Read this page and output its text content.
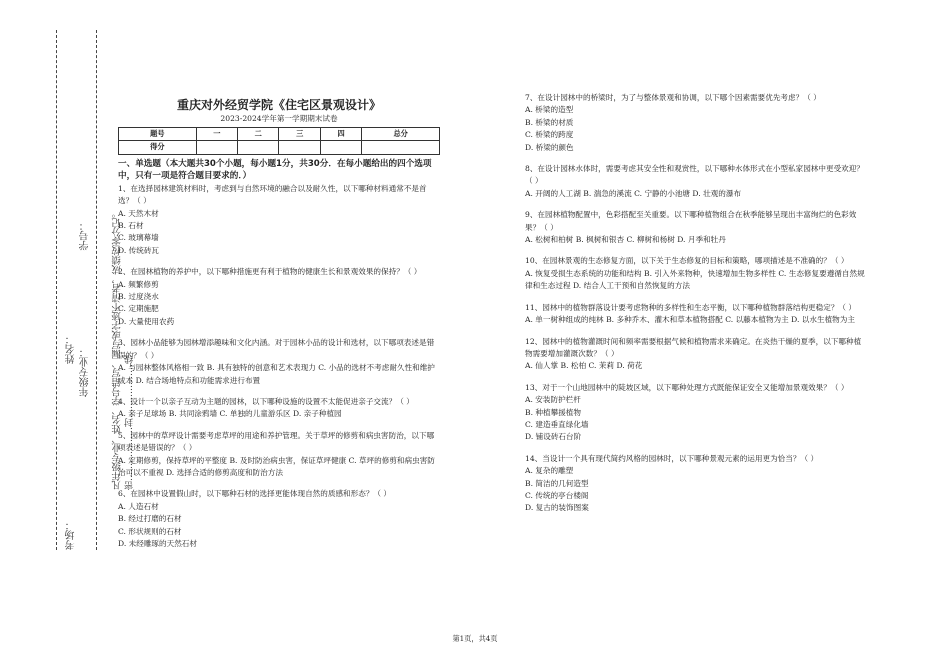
考场：  姓名： 年级专业：  学号： 凡年级专业、姓名、学号错写、漏写或字迹不清者，成绩按零分记。 密………………封………………线
重庆对外经贸学院《住宅区景观设计》
2023-2024学年第一学期期末试卷
题号	一	二	三	四	总分
得分					
一、单选题（本大题共30个小题，每小题1分，共30分．在每小题给出的四个选项中，只有一项是符合题目要求的．）

1、在选择园林建筑材料时，考虑到与自然环境的融合以及耐久性，以下哪种材料通常不是首选？（ ）

A. 天然木材

B. 石材

C. 玻璃幕墙

D. 传统砖瓦

2、在园林植物的养护中，以下哪种措施更有利于植物的健康生长和景观效果的保持？（ ）

A. 频繁修剪

B. 过度浇水

C. 定期施肥

D. 大量使用农药

3、园林小品能够为园林增添趣味和文化内涵。对于园林小品的设计和选材，以下哪项表述是错误的？（ ）

A. 与园林整体风格相一致 B. 具有独特的创意和艺术表现力 C. 小品的选材不考虑耐久性和维护成本 D. 结合场地特点和功能需求进行布置

4、设计一个以亲子互动为主题的园林，以下哪种设施的设置不太能促进亲子交流？（ ）

A. 亲子足球场 B. 共同涂鸦墙 C. 单独的儿童游乐区 D. 亲子种植园

5、园林中的草坪设计需要考虑草坪的用途和养护管理。关于草坪的修剪和病虫害防治，以下哪项表述是错误的？（ ）

A. 定期修剪，保持草坪的平整度 B. 及时防治病虫害，保证草坪健康 C. 草坪的修剪和病虫害防治可以不重视 D. 选择合适的修剪高度和防治方法

6、在园林中设置假山时，以下哪种石材的选择更能体现自然的质感和形态？（ ）

A. 人造石材

B. 经过打磨的石材

C. 形状规则的石材

D. 未经雕琢的天然石材

7、在设计园林中的桥梁时，为了与整体景观和协调，以下哪个因素需要优先考虑？（ ）

A. 桥梁的造型

B. 桥梁的材质

C. 桥梁的跨度

D. 桥梁的颜色

8、在设计园林水体时，需要考虑其安全性和观赏性，以下哪种水体形式在小型私家园林中更受欢迎？（ ）

A. 开阔的人工湖 B. 湍急的溪流 C. 宁静的小池塘 D. 壮观的瀑布

9、在园林植物配置中，色彩搭配至关重要。以下哪种植物组合在秋季能够呈现出丰富绚烂的色彩效果？（ ）

A. 松树和柏树 B. 枫树和银杏 C. 柳树和杨树 D. 月季和牡丹

10、在园林景观的生态修复方面，以下关于生态修复的目标和策略，哪项描述是不准确的？（ ）

A. 恢复受损生态系统的功能和结构 B. 引入外来物种，快速增加生物多样性 C. 生态修复要遵循自然规律和生态过程 D. 结合人工干预和自然恢复的方法

11、园林中的植物群落设计要考虑物种的多样性和生态平衡，以下哪种植物群落结构更稳定？（ ）

A. 单一树种组成的纯林 B. 多种乔木、灌木和草本植物搭配 C. 以藤本植物为主 D. 以水生植物为主

12、园林中的植物灌溉时间和频率需要根据气候和植物需求来确定。在炎热干燥的夏季，以下哪种植物需要增加灌溉次数？（ ）

A. 仙人掌 B. 松柏 C. 茉莉 D. 荷花

13、对于一个山地园林中的陡坡区域，以下哪种处理方式既能保证安全又能增加景观效果？（ ）

A. 安装防护栏杆

B. 种植攀援植物

C. 建造垂直绿化墙

D. 铺设砖石台阶

14、当设计一个具有现代简约风格的园林时，以下哪种景观元素的运用更为恰当？（ ）

A. 复杂的雕塑

B. 简洁的几何造型

C. 传统的亭台楼阁

D. 复古的装饰图案

第1页，共4页
